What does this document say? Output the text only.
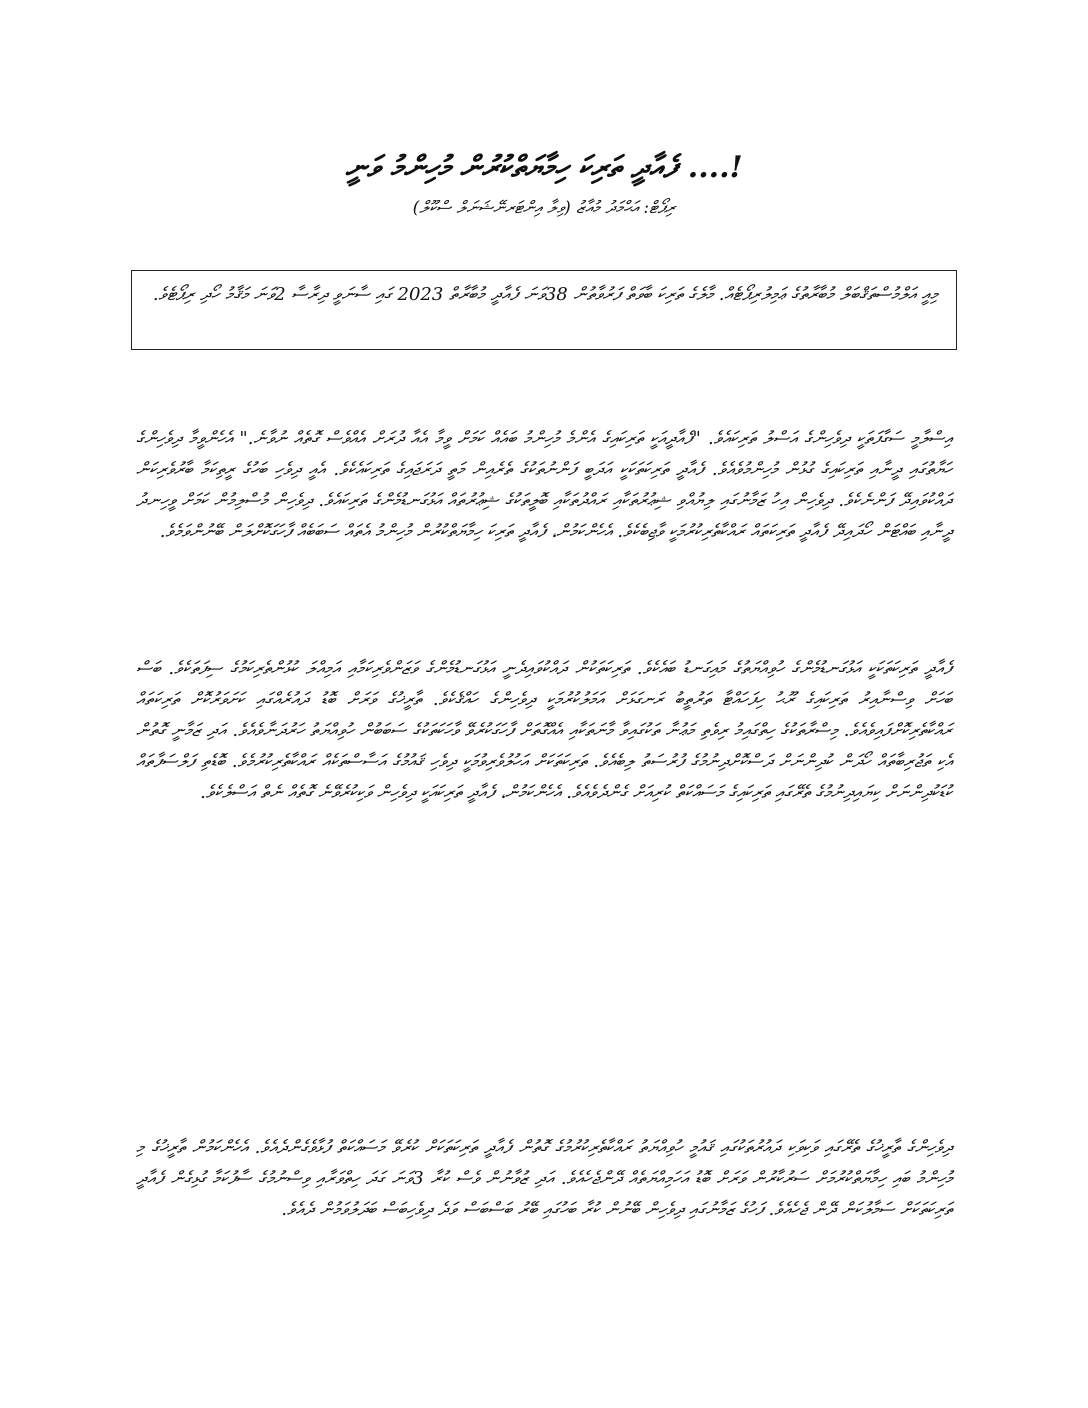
ފެއާދީ ތަރިކަ ހިމާޔަތްކުރުން މުހިންމު ވަނީ ....!
ރިޕޯޓް: އަޙްމަދު މުއާޒު (ވިލާ އިންޓަރނޭޝަނަލް ސްކޫލް)

މިއީ އަލްމުސްތަޤްބަލް މުބާރާތުގެ ޢަމިލުރިޕޯޓެއް. މާލެގެ ތަރިކަ ބާވަތް ފަރުވާތުން 38ވަނަ ފެއާދީ މުބާރާތް 2023 ގައި ސާނަވީ ދިރާސާ 2ވަނަ މަޤާމު ހޯދި ރިޕޯޓެވެ.

އިސްލާމީ ސަގާފަތަކީ ދިވެހިންގެ އަސްލު ތަރިކައެވެ. "ފެއާދީއަކީ ތަރިކައިގެ އެންމެ މުހިންމު ބައެއް ކަމަށް ވީމާ އެއާ ދުރަށް އެއްވެސް ގޮތެއް ނުވާނެ." އެހެންވީމާ ދިވެހިންގެ ހަޔާތުގައި ދީނާއި ތަރިކައިގެ ގުޅުން މުހިންމުވެއެވެ. ފެއާދީ ތަރިކަތަކަކީ އަދަބީ ފަންނުތަކުގެ ތެރެއިން މަތީ ދަރަޖައިގެ ތަރިކައެކެވެ. އެއީ ދިވެހި ބަހުގެ ރީތިކަމާ ބާރުވެރިކަން ދައްކުވައިދޭ ފަންނެކެވެ. ދިވެހިން އިހު ޒަމާނުގައި ލިޔުއްވި ޝިޢުރުތަކާއި ރައްދުތަކާއި ބޮލީތަކުގެ ޝިޢުރުތައް އަޅުގަނޑުމެންގެ ތަރިކައެވެ. ދިވެހިން މުސްލިމުން ކަމަށް ވީހިނދު ދީނާއި ބައްޓަން ހޯދައިދޭ ފެއާދީ ތަރިކަތައް ރައްކާތެރިކުރުމަކީ ވާޖިބެކެވެ. އެހެންކަމުން، ފެއާދީ ތަރިކަ ހިމާޔަތްކުރުން މުހިންމު އެތައް ސަބަބެއް ފާހަގަކޮށްލަން ބޭނުންވަމެވެ.

ފެއާދީ ތަރިކަތަކަކީ އަޅުގަނޑުމެންގެ ހުވިއްޔަތުގެ މައިގަނޑު ބައެކެވެ. ތަރިކަތަކުން ދައްކުވައިދެނީ އަޅުގަނޑުމެންގެ ވަޒަންވެރިކަމާއި އަމިއްލަ ކުޅުންތެރިކަމުގެ ސިފަތަކެވެ. ބަސް ބަހަށް ވިސްނާއިރު ތަރިކައިގެ ރޫޙު ހިފަހައްޓާ ތަރުތީބު ރަނގަޅަށް އަމަލުކުރުމަކީ ދިވެހިންގެ ހައްޤެކެވެ. ތާރީޚުގެ ވަރަށް ބޮޑު ދައުރެއްގައި ކަށަވަރުކޮށް ތަރިކަތައް ރައްކާތެރިކޮށްފައިވެއެވެ. މިސްރާތަކުގެ ހިތްގައިމު ރިވެތި މަޢުނާ ތަކުގައިވާ މާނަތަކާއި އެއްގޮތަށް ފާހަގަކުރެވޭ ވާހަކަތަކުގެ ސަބަބުން ހުވިއްޔަތު ހަރުދަނާވެއެވެ. އަދި ޒަމާނީ ގޮތުން އެކި ތަޖުރިބާތައް ހޯދަން ކުދިންނަށް ދަސްކޮށްދިނުމުގެ ފުރުސަތު ލިބެއެވެ. ތަރިކަތަކަށް އަހުލުވެރިވުމަކީ ދިވެހި ޤައުމުގެ އަސާސްތަކެއް ރައްކާތެރިކުރުމެވެ. ބޮޑެތި ފަލްސަފާތައް ކުޑަކުދިންނަށް ކިޔައިދިނުމުގެ ތެރޭގައި ތަރިކައިގެ މަސައްކަތް ކުރިއަށް ގެންދެވެއެވެ. އެހެންކަމުން، ފެއާދީ ތަރިކައަކީ ދިވެހިން ވަކިކުރެވޭނެ ގޮތެއް ނެތް އަސްލެކެވެ.

ދިވެހިންގެ ތާރީޚުގެ ތެރޭގައި ވަކިވަކި ދައުރުތަކުގައި ޤައުމީ ހުވިއްޔަތު ރައްކާތެރިކުރުމުގެ ގޮތުން ފެއާދީ ތަރިކަތަކަށް ކުރެވޭ މަސައްކަތް ފުޅާވެގެންދެއެވެ. އެހެންކަމުން ތާރީޚުގެ މި މުހިންމު ބައި ހިމާޔަތްކުރުމަށް ސަރުކާރުން ވަރަށް ބޮޑު އަހަމިއްޔަތެއް ދޭންޖެހެއެވެ. އަދި ޒުވާނުން ވެސް ކުރާ 3ވަނަ ގަދަ ހިތްވަރާއި ވިސްނުމުގެ ސާފުކަމާ ގުޅިގެން ފެއާދީ ތަރިކަތަކަށް ސަމާލުކަން ދޭން ޖެހެއެވެ. ފަހުގެ ޒަމާނުގައި ދިވެހިން ބޭނުން ކުރާ ބަހުގައި ބޭރު ބަސްބަސް ވަދެ ދިވެހިބަސް ބަދަލުވަމުން ދެއެވެ.
